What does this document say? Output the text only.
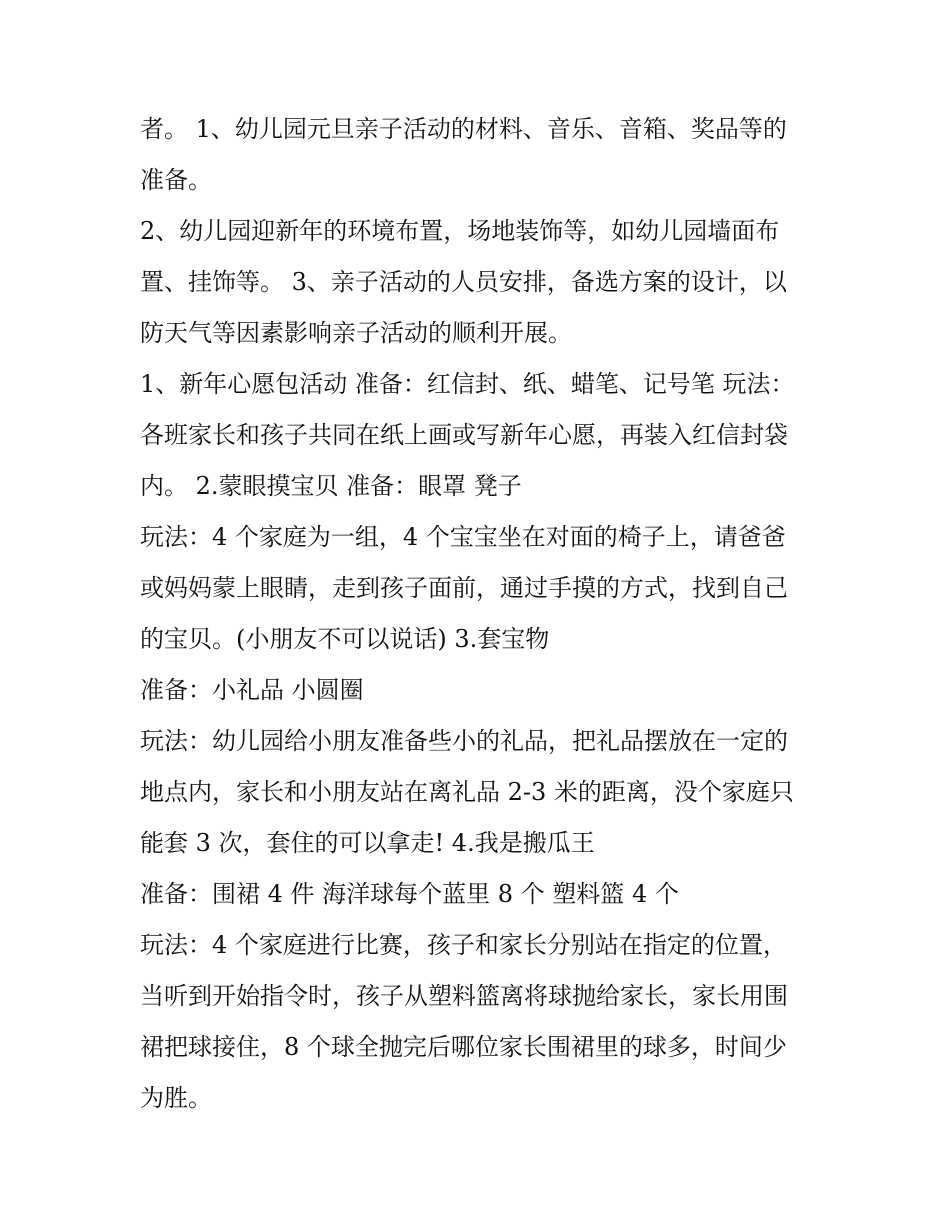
者。 1、幼儿园元旦亲子活动的材料、音乐、音箱、奖品等的
准备。
2、幼儿园迎新年的环境布置，场地装饰等，如幼儿园墙面布
置、挂饰等。 3、亲子活动的人员安排，备选方案的设计，以
防天气等因素影响亲子活动的顺利开展。
1、新年心愿包活动 准备：红信封、纸、蜡笔、记号笔 玩法：
各班家长和孩子共同在纸上画或写新年心愿，再装入红信封袋
内。 2.蒙眼摸宝贝 准备：眼罩 凳子
玩法：4 个家庭为一组，4 个宝宝坐在对面的椅子上，请爸爸
或妈妈蒙上眼睛，走到孩子面前，通过手摸的方式，找到自己
的宝贝。(小朋友不可以说话) 3.套宝物
准备：小礼品 小圆圈
玩法：幼儿园给小朋友准备些小的礼品，把礼品摆放在一定的
地点内，家长和小朋友站在离礼品 2-3 米的距离，没个家庭只
能套 3 次，套住的可以拿走! 4.我是搬瓜王
准备：围裙 4 件 海洋球每个蓝里 8 个 塑料篮 4 个
玩法：4 个家庭进行比赛，孩子和家长分别站在指定的位置，
当听到开始指令时，孩子从塑料篮离将球抛给家长，家长用围
裙把球接住，8 个球全抛完后哪位家长围裙里的球多，时间少
为胜。
